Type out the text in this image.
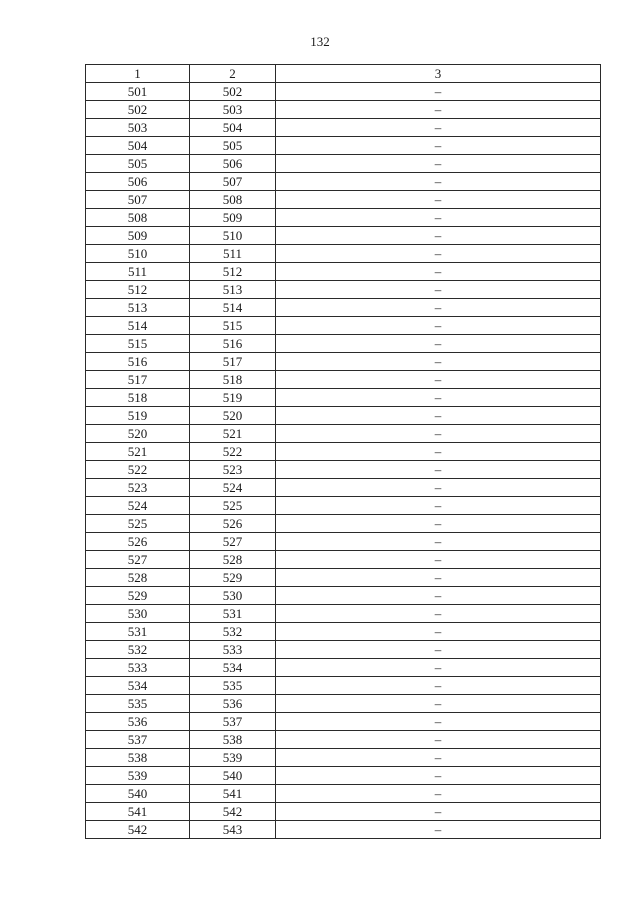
132
1	2	3
501	502	–
502	503	–
503	504	–
504	505	–
505	506	–
506	507	–
507	508	–
508	509	–
509	510	–
510	511	–
511	512	–
512	513	–
513	514	–
514	515	–
515	516	–
516	517	–
517	518	–
518	519	–
519	520	–
520	521	–
521	522	–
522	523	–
523	524	–
524	525	–
525	526	–
526	527	–
527	528	–
528	529	–
529	530	–
530	531	–
531	532	–
532	533	–
533	534	–
534	535	–
535	536	–
536	537	–
537	538	–
538	539	–
539	540	–
540	541	–
541	542	–
542	543	–
